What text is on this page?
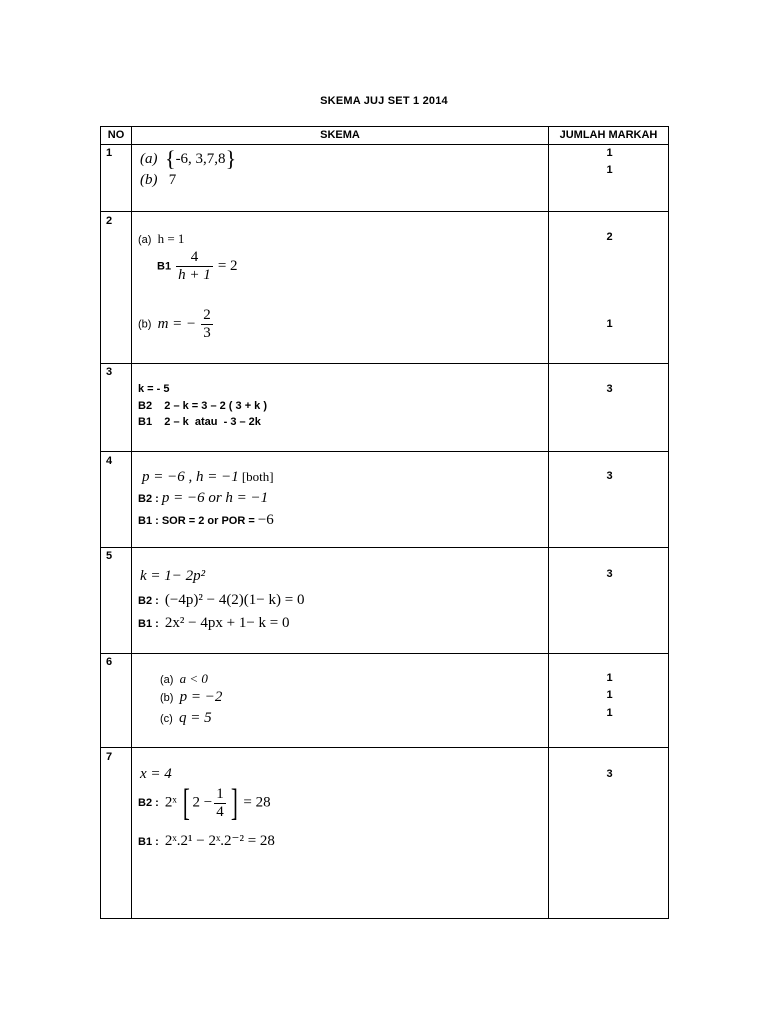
SKEMA JUJ SET 1 2014
NO	SKEMA	JUMLAH MARKAH
1 (a) {-6, 3,7,8}
(b) 7
1
1
2
(a) h = 1
$B1 \frac{4}{h + 1} = 2$
(b) m = − $\frac{2}{3}$
2
1
3
k = - 5
B2    2 – k = 3 – 2 ( 3 + k )
B1    2 – k  atau  - 3 – 2k
3
4
p = −6 , h = −1 [both]
B2 : p = −6 or h = −1
B1 : SOR = 2 or POR = −6
3
5
k = 1− 2p²
B2 : (−4p)² − 4(2)(1− k) = 0
B1 : 2x² − 4px + 1− k = 0
3
6
(a) a < 0
(b) p = −2
(c) q = 5
1
1
1
7
x = 4
B2 : 2ˣ [ $2 - \frac{1}{4}$ ] = 28
B1 : 2ˣ.2¹ − 2ˣ.2⁻² = 28
3
